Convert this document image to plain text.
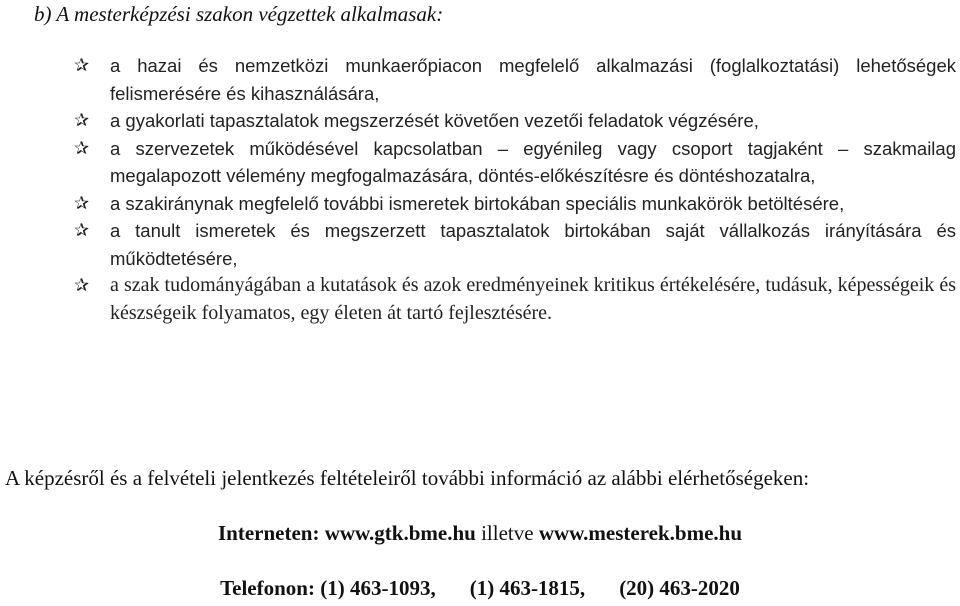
b) A mesterképzési szakon végzettek alkalmasak:
✰	a hazai és nemzetközi munkaerőpiacon megfelelő alkalmazási (foglalkoztatási) lehetőségek felismerésére és kihasználására,
✰	a gyakorlati tapasztalatok megszerzését követően vezetői feladatok végzésére,
✰	a szervezetek működésével kapcsolatban – egyénileg vagy csoport tagjaként – szakmailag megalapozott vélemény megfogalmazására, döntés-előkészítésre és döntéshozatalra,
✰	a szakiránynak megfelelő további ismeretek birtokában speciális munkakörök betöltésére,
✰	a tanult ismeretek és megszerzett tapasztalatok birtokában saját vállalkozás irányítására és működtetésére,
✰	a szak tudományágában a kutatások és azok eredményeinek kritikus értékelésére, tudásuk, képességeik és készségeik folyamatos, egy életen át tartó fejlesztésére.
A képzésről és a felvételi jelentkezés feltételeiről további információ az alábbi elérhetőségeken:
Interneten: www.gtk.bme.hu illetve www.mesterek.bme.hu
Telefonon: (1) 463-1093, (1) 463-1815, (20) 463-2020
